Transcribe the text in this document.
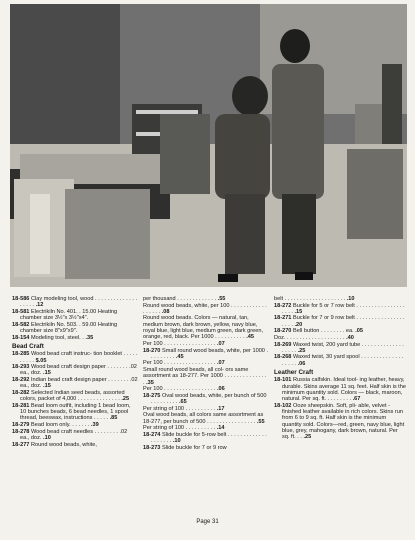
18-586 Clay modeling tool, wood . . . . . . . . . . . . . . . . . . . .12
18-581 Electrikiln No. 401. . 15.00 Heating chamber size 3½"x 3½"x4".
18-582 Electrikiln No. 503. . 59.00 Heating chamber size 8"x9"x9".
18-154 Modeling tool, steel. . .35
Bead Craft
18-285 Wood bead craft instruc- tion booklet . . . . . . . . . . $.05
18-293 Wood bead craft design paper . . . . . . . .02 ea., doz. .15
18-292 Indian bead craft design paper . . . . . . . .02 ea., doz. .15
18-282 Selected Indian seed beads, assorted colors, packet of 4,000 . . . . . . . . . . . . . . .25
18-281 Bead loom outfit, including 1 bead loom, 10 bunches beads, 6 bead needles, 1 spool thread, beeswax, instructions . . . . . .85
18-279 Bead loom only. . . . . . . .39
18-278 Wood bead craft needles . . . . . . . . .02 ea., doz. .10
18-277 Round wood beads, white,
per thousand . . . . . . . . . . . . . .55
Round wood beads, white, per 100 . . . . . . . . . . . . . . . . . . .08
Round wood beads. Colors — natural, tan, medium brown, dark brown, yellow, navy blue, royal blue, light blue, medium green, dark green, orange, red, black. Per 1000 . . . . . . . . . . .45
Per 100 . . . . . . . . . . . . . . . . . .07
18-270 Small round wood beads, white, per 1000 . . . . . . . . . .45
Per 100 . . . . . . . . . . . . . . . . . .07
Small round wood beads, all col- ors same assortment as 18-277. Per 1000 . . . . . . . . . . . . . . . .35
Per 100 . . . . . . . . . . . . . . . . . .06
18-275 Oval wood beads, white, per bunch of 500 . . . . . . . . . .65
Per string of 100 . . . . . . . . . . .17
Oval wood beads, all colors same assortment as 18-277, per bunch of 500 . . . . . . . . . . . . . . . . .55
Per string of 100 . . . . . . . . . . .14
18-274 Slide buckle for 5-row belt . . . . . . . . . . . . . . . . . . . . .10
18-273 Slide buckle for 7 or 9 row
belt . . . . . . . . . . . . . . . . . . . . .10
18-272 Buckle for 5 or 7 row belt . . . . . . . . . . . . . . . . . . . . .15
18-271 Buckle for 7 or 9 row belt . . . . . . . . . . . . . . . . . . . . .20
18-270 Bell button . . . . . . . . ea. .05
Doz. . . . . . . . . . . . . . . . . . . . .40
18-269 Waxed twist, 200 yard tube . . . . . . . . . . . . . . . . . . . .25
18-268 Waxed twist, 30 yard spool . . . . . . . . . . . . . . . . . . . .06
Leather Craft
18-101 Russia calfskin. Ideal tool- ing leather, heavy, durable. Skins average 11 sq. feet. Half skin is the minimum quantity sold. Colors — black, maroon, natural. Per sq. ft. . . . . . . . . .67
18-102 Ooze sheepskin. Soft, pli- able, velvet - finished leather available in rich colors. Skins run from 6 to 9 sq. ft. Half skin is the minimum quantity sold. Colors—red, green, navy blue, light blue, grey, mahogany, dark brown, natural. Per sq. ft. . . .25
Page 31
